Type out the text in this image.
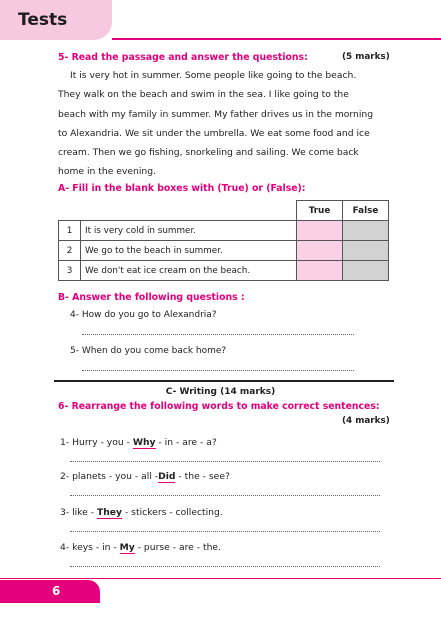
Tests
5- Read the passage and answer the questions:	(5 marks)
It is very hot in summer. Some people like going to the beach.
They walk on the beach and swim in the sea. I like going to the
beach with my family in summer. My father drives us in the morning
to Alexandria. We sit under the umbrella. We eat some food and ice
cream. Then we go fishing, snorkeling and sailing. We come back
home in the evening.
A- Fill in the blank boxes with (True) or (False):
		True	False
1	It is very cold in summer.		
2	We go to the beach in summer.		
3	We don't eat ice cream on the beach.		
B- Answer the following questions :
4- How do you go to Alexandria?
5- When do you come back home?
C- Writing (14 marks)
6- Rearrange the following words to make correct sentences:
(4 marks)
1- Hurry - you - Why - in - are - a?
2- planets - you - all -Did - the - see?
3- like - They - stickers - collecting.
4- keys - in - My - purse - are - the.
6
